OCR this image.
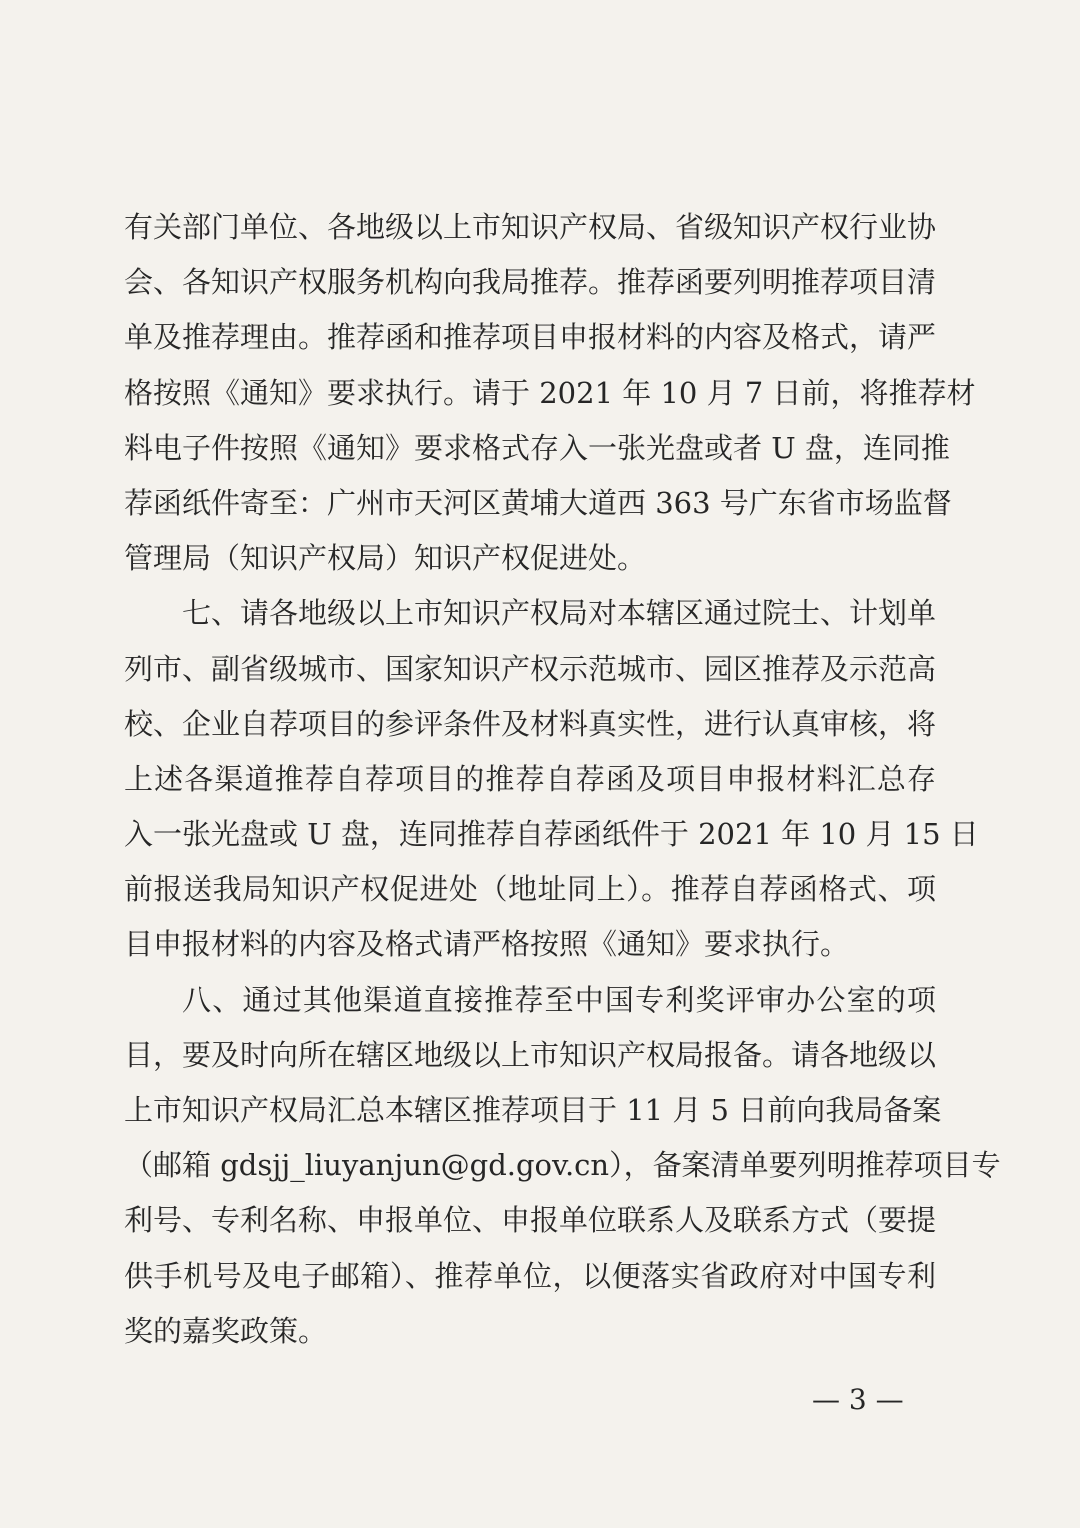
有关部门单位、各地级以上市知识产权局、省级知识产权行业协
会、各知识产权服务机构向我局推荐。推荐函要列明推荐项目清
单及推荐理由。推荐函和推荐项目申报材料的内容及格式，请严
格按照《通知》要求执行。请于 2021 年 10 月 7 日前，将推荐材
料电子件按照《通知》要求格式存入一张光盘或者 U 盘，连同推
荐函纸件寄至：广州市天河区黄埔大道西 363 号广东省市场监督
管理局（知识产权局）知识产权促进处。
七、请各地级以上市知识产权局对本辖区通过院士、计划单
列市、副省级城市、国家知识产权示范城市、园区推荐及示范高
校、企业自荐项目的参评条件及材料真实性，进行认真审核，将
上述各渠道推荐自荐项目的推荐自荐函及项目申报材料汇总存
入一张光盘或 U 盘，连同推荐自荐函纸件于 2021 年 10 月 15 日
前报送我局知识产权促进处（地址同上）。推荐自荐函格式、项
目申报材料的内容及格式请严格按照《通知》要求执行。
八、通过其他渠道直接推荐至中国专利奖评审办公室的项
目，要及时向所在辖区地级以上市知识产权局报备。请各地级以
上市知识产权局汇总本辖区推荐项目于 11 月 5 日前向我局备案
（邮箱 gdsjj_liuyanjun@gd.gov.cn），备案清单要列明推荐项目专
利号、专利名称、申报单位、申报单位联系人及联系方式（要提
供手机号及电子邮箱）、推荐单位，以便落实省政府对中国专利
奖的嘉奖政策。
— 3 —
